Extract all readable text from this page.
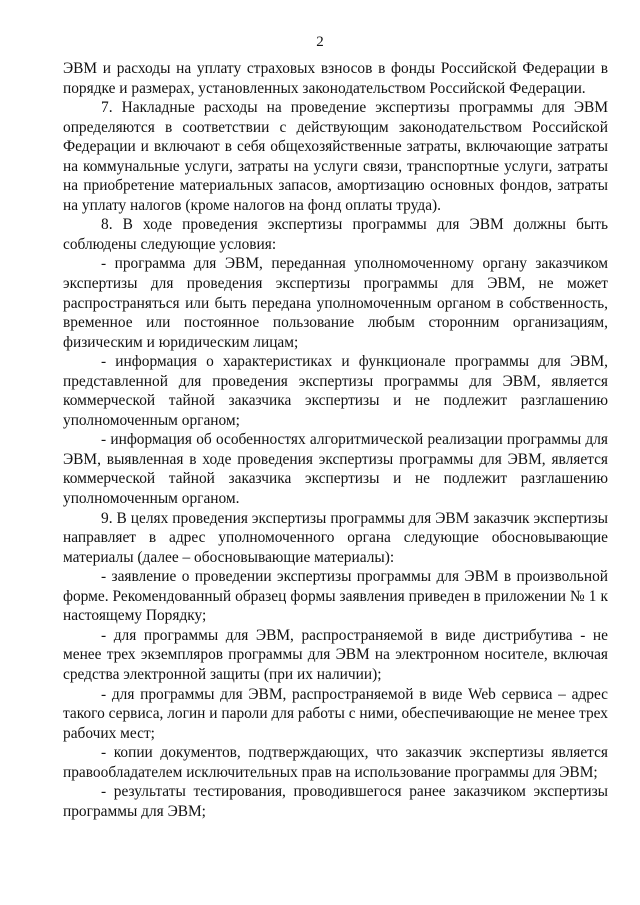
2

ЭВМ и расходы на уплату страховых взносов в фонды Российской Федерации в порядке и размерах, установленных законодательством Российской Федерации.

7. Накладные расходы на проведение экспертизы программы для ЭВМ определяются в соответствии с действующим законодательством Российской Федерации и включают в себя общехозяйственные затраты, включающие затраты на коммунальные услуги, затраты на услуги связи, транспортные услуги, затраты на приобретение материальных запасов, амортизацию основных фондов, затраты на уплату налогов (кроме налогов на фонд оплаты труда).

8. В ходе проведения экспертизы программы для ЭВМ должны быть соблюдены следующие условия:

- программа для ЭВМ, переданная уполномоченному органу заказчиком экспертизы для проведения экспертизы программы для ЭВМ, не может распространяться или быть передана уполномоченным органом в собственность, временное или постоянное пользование любым сторонним организациям, физическим и юридическим лицам;

- информация о характеристиках и функционале программы для ЭВМ, представленной для проведения экспертизы программы для ЭВМ, является коммерческой тайной заказчика экспертизы и не подлежит разглашению уполномоченным органом;

- информация об особенностях алгоритмической реализации программы для ЭВМ, выявленная в ходе проведения экспертизы программы для ЭВМ, является коммерческой тайной заказчика экспертизы и не подлежит разглашению уполномоченным органом.

9. В целях проведения экспертизы программы для ЭВМ заказчик экспертизы направляет в адрес уполномоченного органа следующие обосновывающие материалы (далее – обосновывающие материалы):

- заявление о проведении экспертизы программы для ЭВМ в произвольной форме. Рекомендованный образец формы заявления приведен в приложении № 1 к настоящему Порядку;

- для программы для ЭВМ, распространяемой в виде дистрибутива - не менее трех экземпляров программы для ЭВМ на электронном носителе, включая средства электронной защиты (при их наличии);

- для программы для ЭВМ, распространяемой в виде Web сервиса – адрес такого сервиса, логин и пароли для работы с ними, обеспечивающие не менее трех рабочих мест;

- копии документов, подтверждающих, что заказчик экспертизы является правообладателем исключительных прав на использование программы для ЭВМ;

- результаты тестирования, проводившегося ранее заказчиком экспертизы программы для ЭВМ;
